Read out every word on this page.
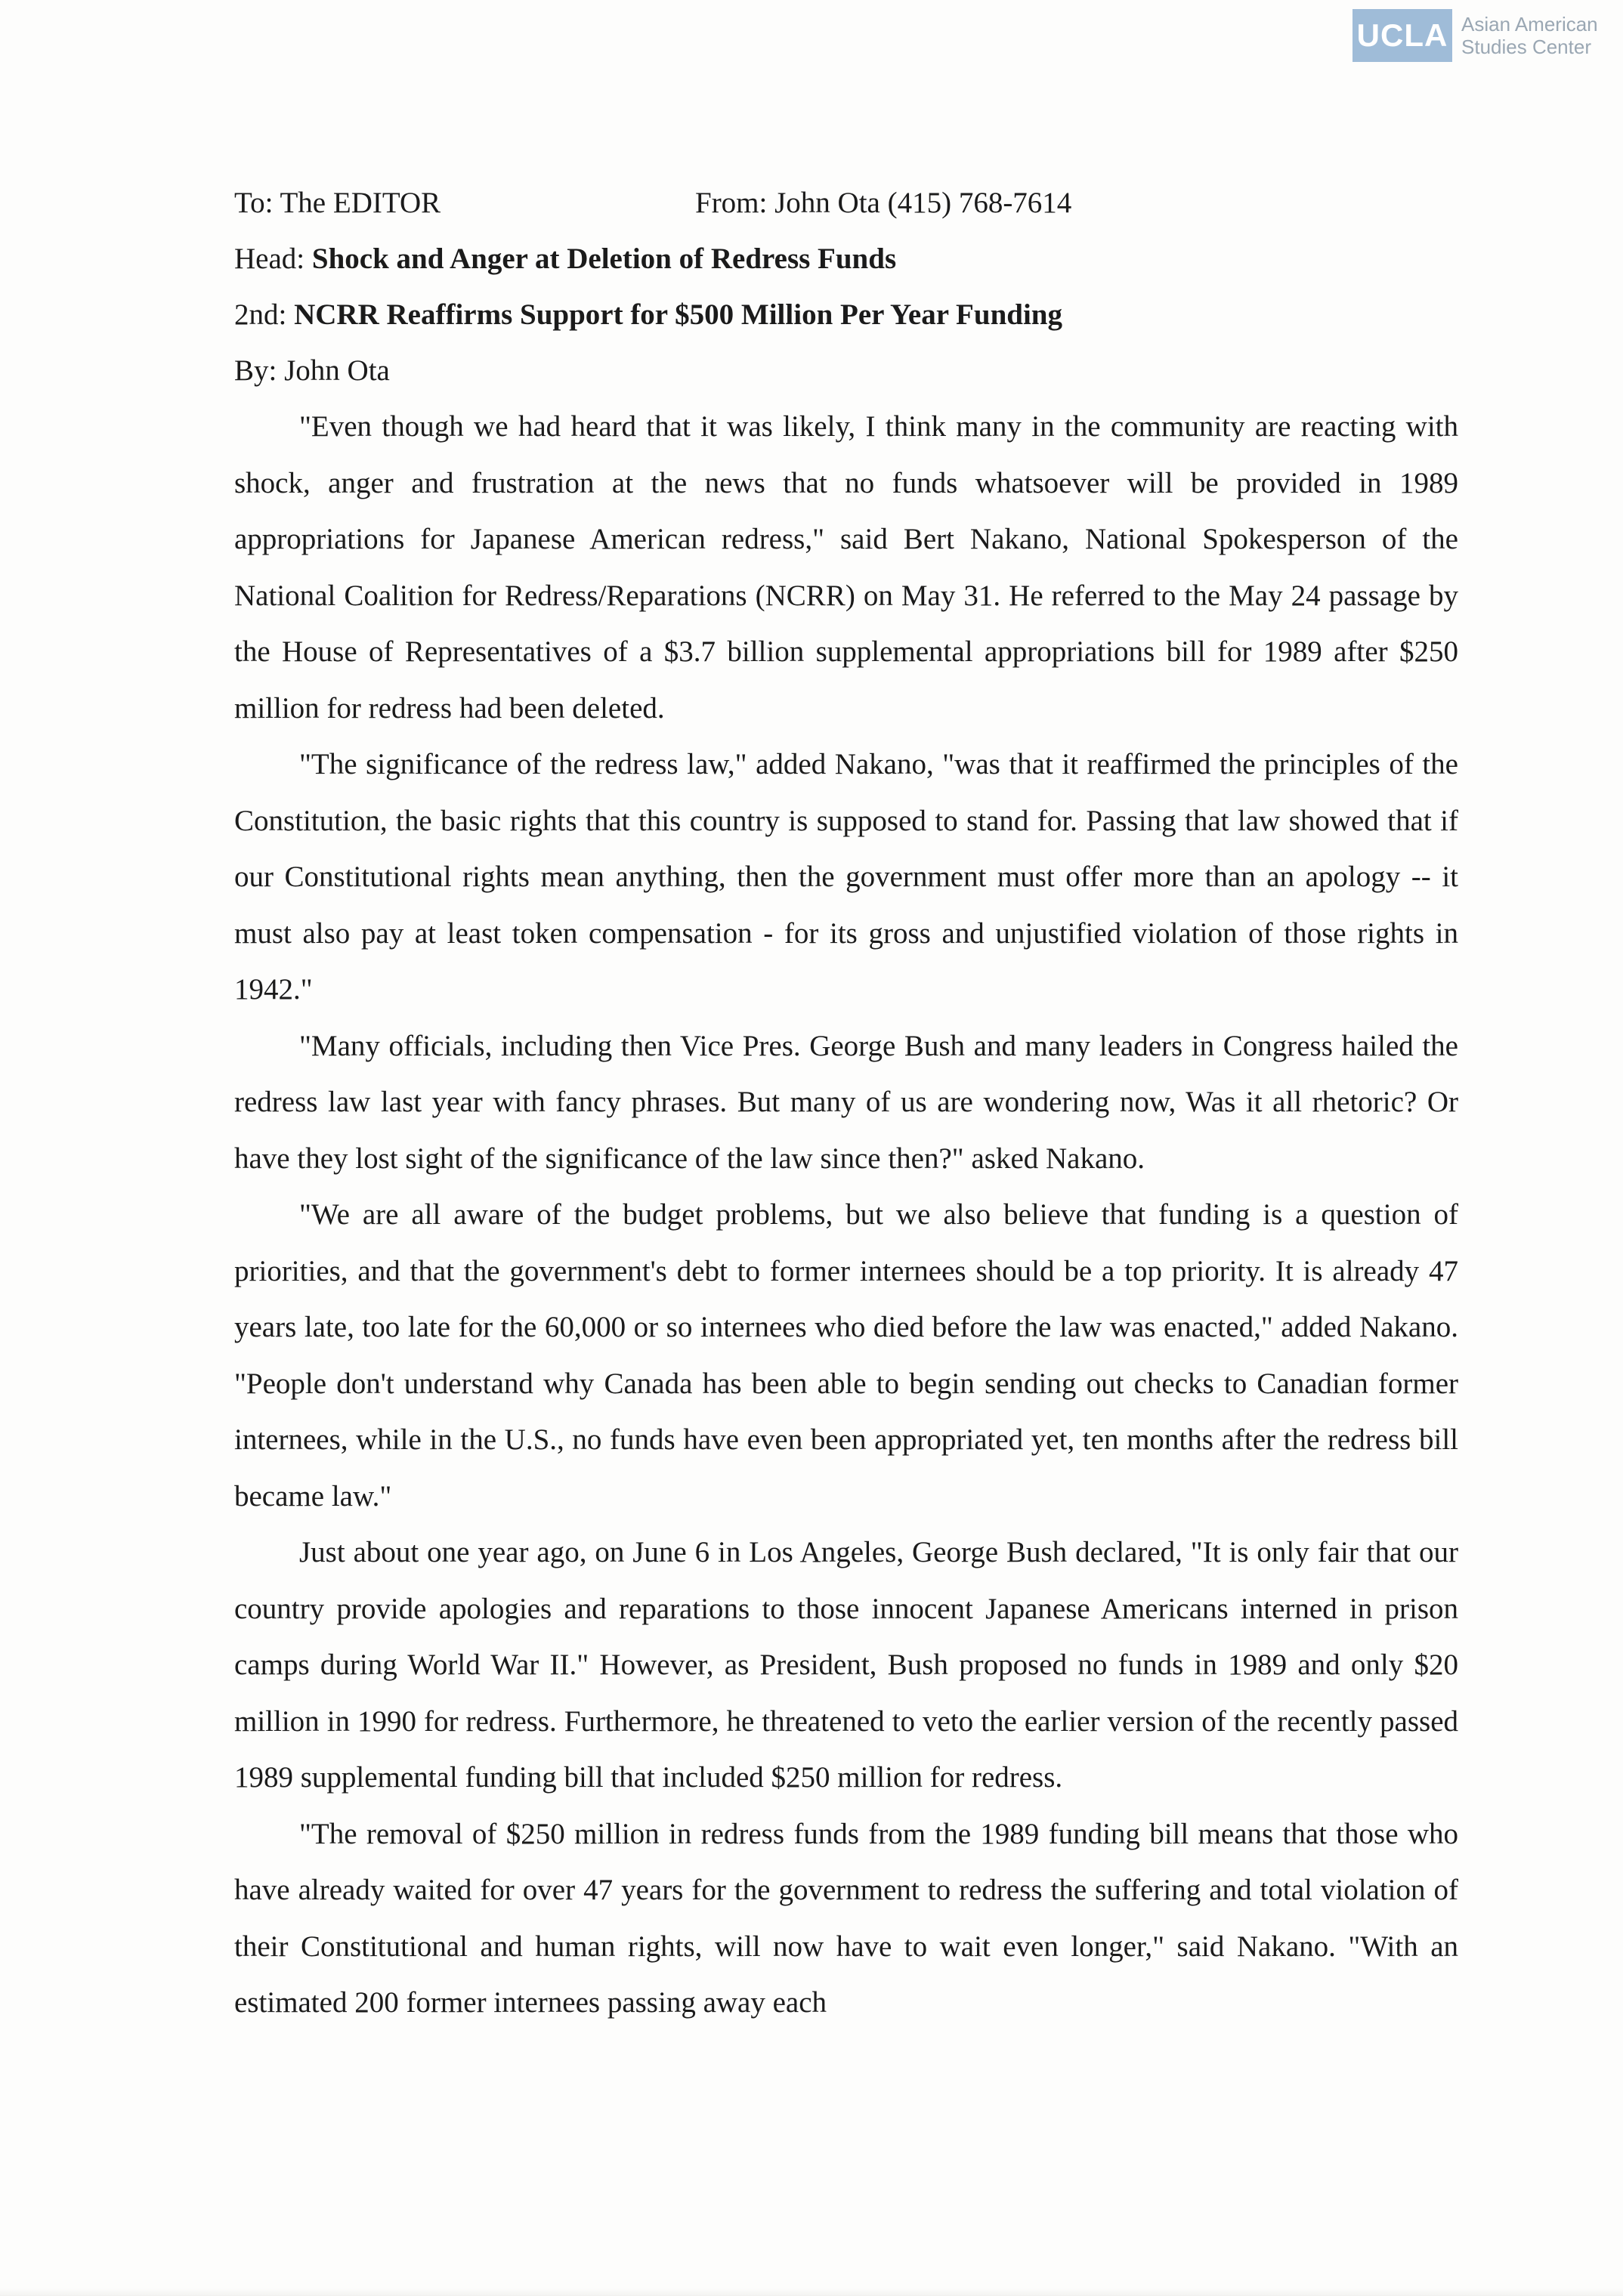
UCLA Asian American
Studies Center
To: The EDITOR	From: John Ota (415) 768-7614
Head: Shock and Anger at Deletion of Redress Funds
2nd: NCRR Reaffirms Support for $500 Million Per Year Funding
By: John Ota

"Even though we had heard that it was likely, I think many in the community are reacting with shock, anger and frustration at the news that no funds whatsoever will be provided in 1989 appropriations for Japanese American redress," said Bert Nakano, National Spokesperson of the National Coalition for Redress/Reparations (NCRR) on May 31. He referred to the May 24 passage by the House of Representatives of a $3.7 billion supplemental appropriations bill for 1989 after $250 million for redress had been deleted.

"The significance of the redress law," added Nakano, "was that it reaffirmed the principles of the Constitution, the basic rights that this country is supposed to stand for. Passing that law showed that if our Constitutional rights mean anything, then the government must offer more than an apology -- it must also pay at least token compensation - for its gross and unjustified violation of those rights in 1942."

"Many officials, including then Vice Pres. George Bush and many leaders in Congress hailed the redress law last year with fancy phrases. But many of us are wondering now, Was it all rhetoric? Or have they lost sight of the significance of the law since then?" asked Nakano.

"We are all aware of the budget problems, but we also believe that funding is a question of priorities, and that the government's debt to former internees should be a top priority. It is already 47 years late, too late for the 60,000 or so internees who died before the law was enacted," added Nakano. "People don't understand why Canada has been able to begin sending out checks to Canadian former internees, while in the U.S., no funds have even been appropriated yet, ten months after the redress bill became law."

Just about one year ago, on June 6 in Los Angeles, George Bush declared, "It is only fair that our country provide apologies and reparations to those innocent Japanese Americans interned in prison camps during World War II." However, as President, Bush proposed no funds in 1989 and only $20 million in 1990 for redress. Furthermore, he threatened to veto the earlier version of the recently passed 1989 supplemental funding bill that included $250 million for redress.

"The removal of $250 million in redress funds from the 1989 funding bill means that those who have already waited for over 47 years for the government to redress the suffering and total violation of their Constitutional and human rights, will now have to wait even longer," said Nakano. "With an estimated 200 former internees passing away each
